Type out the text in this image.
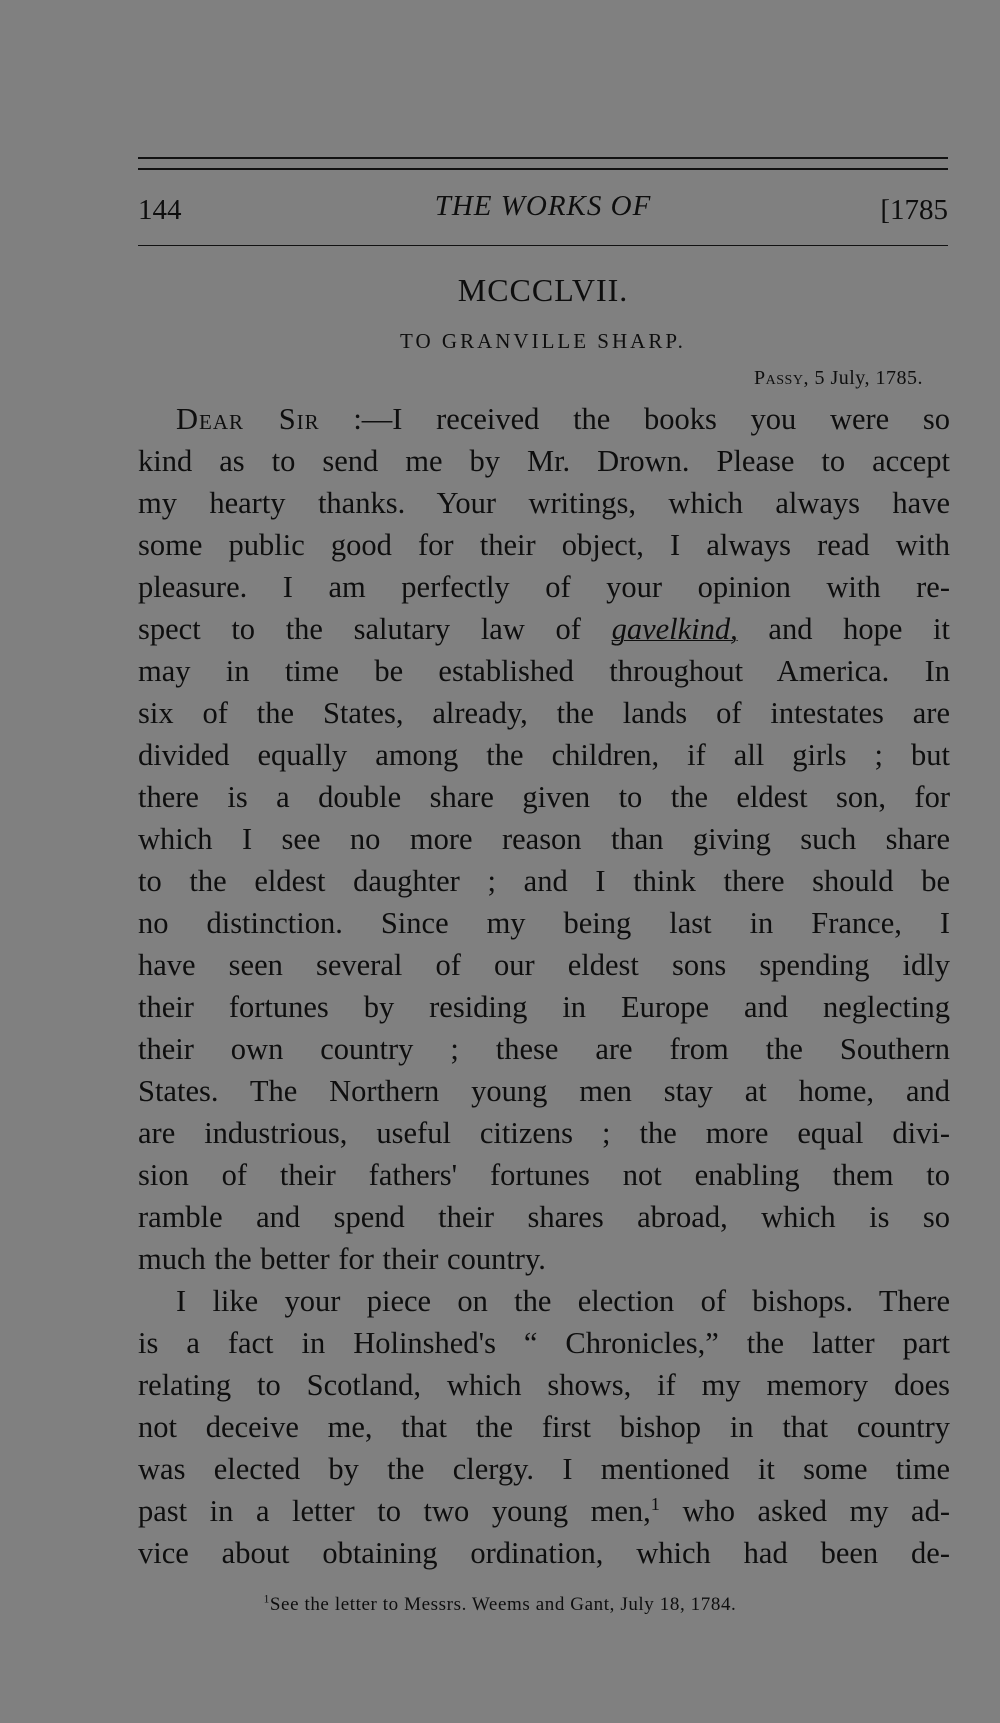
144	THE WORKS OF	[1785
MCCCLVII.
TO GRANVILLE SHARP.
Passy, 5 July, 1785.
Dear Sir :—I received the books you were so
kind as to send me by Mr. Drown. Please to accept
my hearty thanks. Your writings, which always have
some public good for their object, I always read with
pleasure. I am perfectly of your opinion with re-
spect to the salutary law of gavelkind, and hope it
may in time be established throughout America. In
six of the States, already, the lands of intestates are
divided equally among the children, if all girls ; but
there is a double share given to the eldest son, for
which I see no more reason than giving such share
to the eldest daughter ; and I think there should be
no distinction. Since my being last in France, I
have seen several of our eldest sons spending idly
their fortunes by residing in Europe and neglecting
their own country ; these are from the Southern
States. The Northern young men stay at home, and
are industrious, useful citizens ; the more equal divi-
sion of their fathers' fortunes not enabling them to
ramble and spend their shares abroad, which is so
much the better for their country.
I like your piece on the election of bishops. There
is a fact in Holinshed's “ Chronicles,” the latter part
relating to Scotland, which shows, if my memory does
not deceive me, that the first bishop in that country
was elected by the clergy. I mentioned it some time
past in a letter to two young men,$^1$ who asked my ad-
vice about obtaining ordination, which had been de-
$^1$See the letter to Messrs. Weems and Gant, July 18, 1784.
